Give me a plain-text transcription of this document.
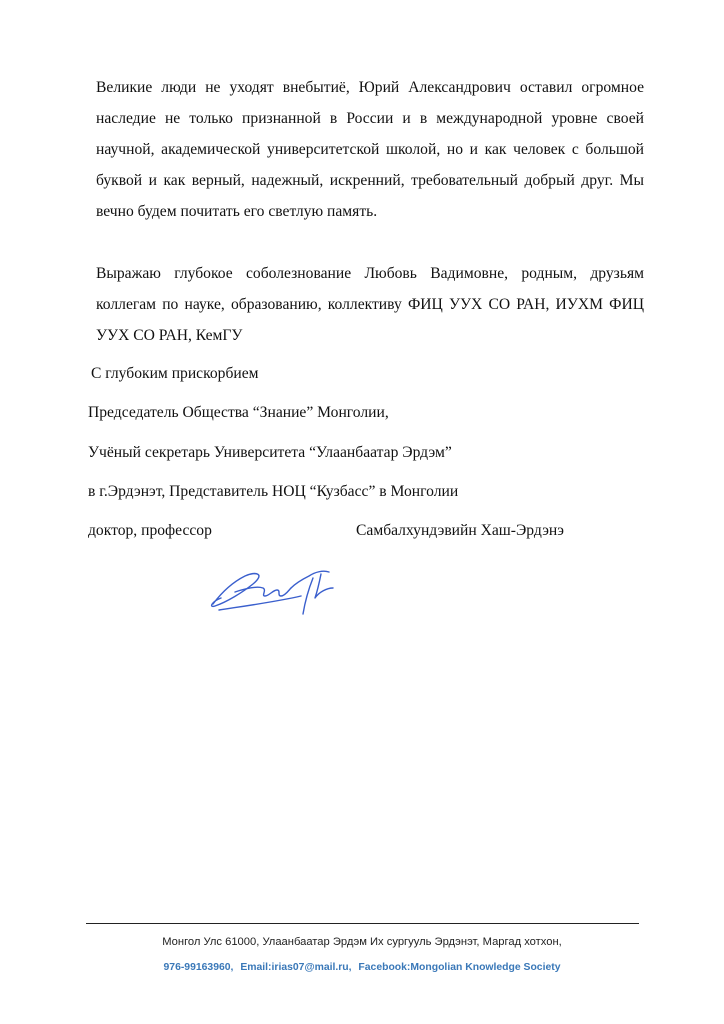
Великие люди не уходят внебытиё, Юрий Александрович оставил огромное наследие не только признанной в России и в международной уровне своей научной, академической университетской школой, но и как человек с большой буквой и как верный, надежный, искренний, требовательный добрый друг. Мы вечно будем почитать его светлую память.

Выражаю глубокое соболезнование Любовь Вадимовне, родным, друзьям коллегам по науке, образованию, коллективу ФИЦ УУХ СО РАН, ИУХМ ФИЦ УУХ СО РАН, КемГУ

С глубоким прискорбием
Председатель Общества “Знание” Монголии,
Учёный секретарь Университета “Улаанбаатар Эрдэм”
в г.Эрдэнэт, Представитель НОЦ “Кузбасс” в Монголии
доктор, профессор	Самбалхундэвийн Хаш-Эрдэнэ
Монгол Улс 61000, Улаанбаатар Эрдэм Их сургууль Эрдэнэт, Маргад хотхон,
976-99163960, Email:irias07@mail.ru, Facebook:Mongolian Knowledge Society
